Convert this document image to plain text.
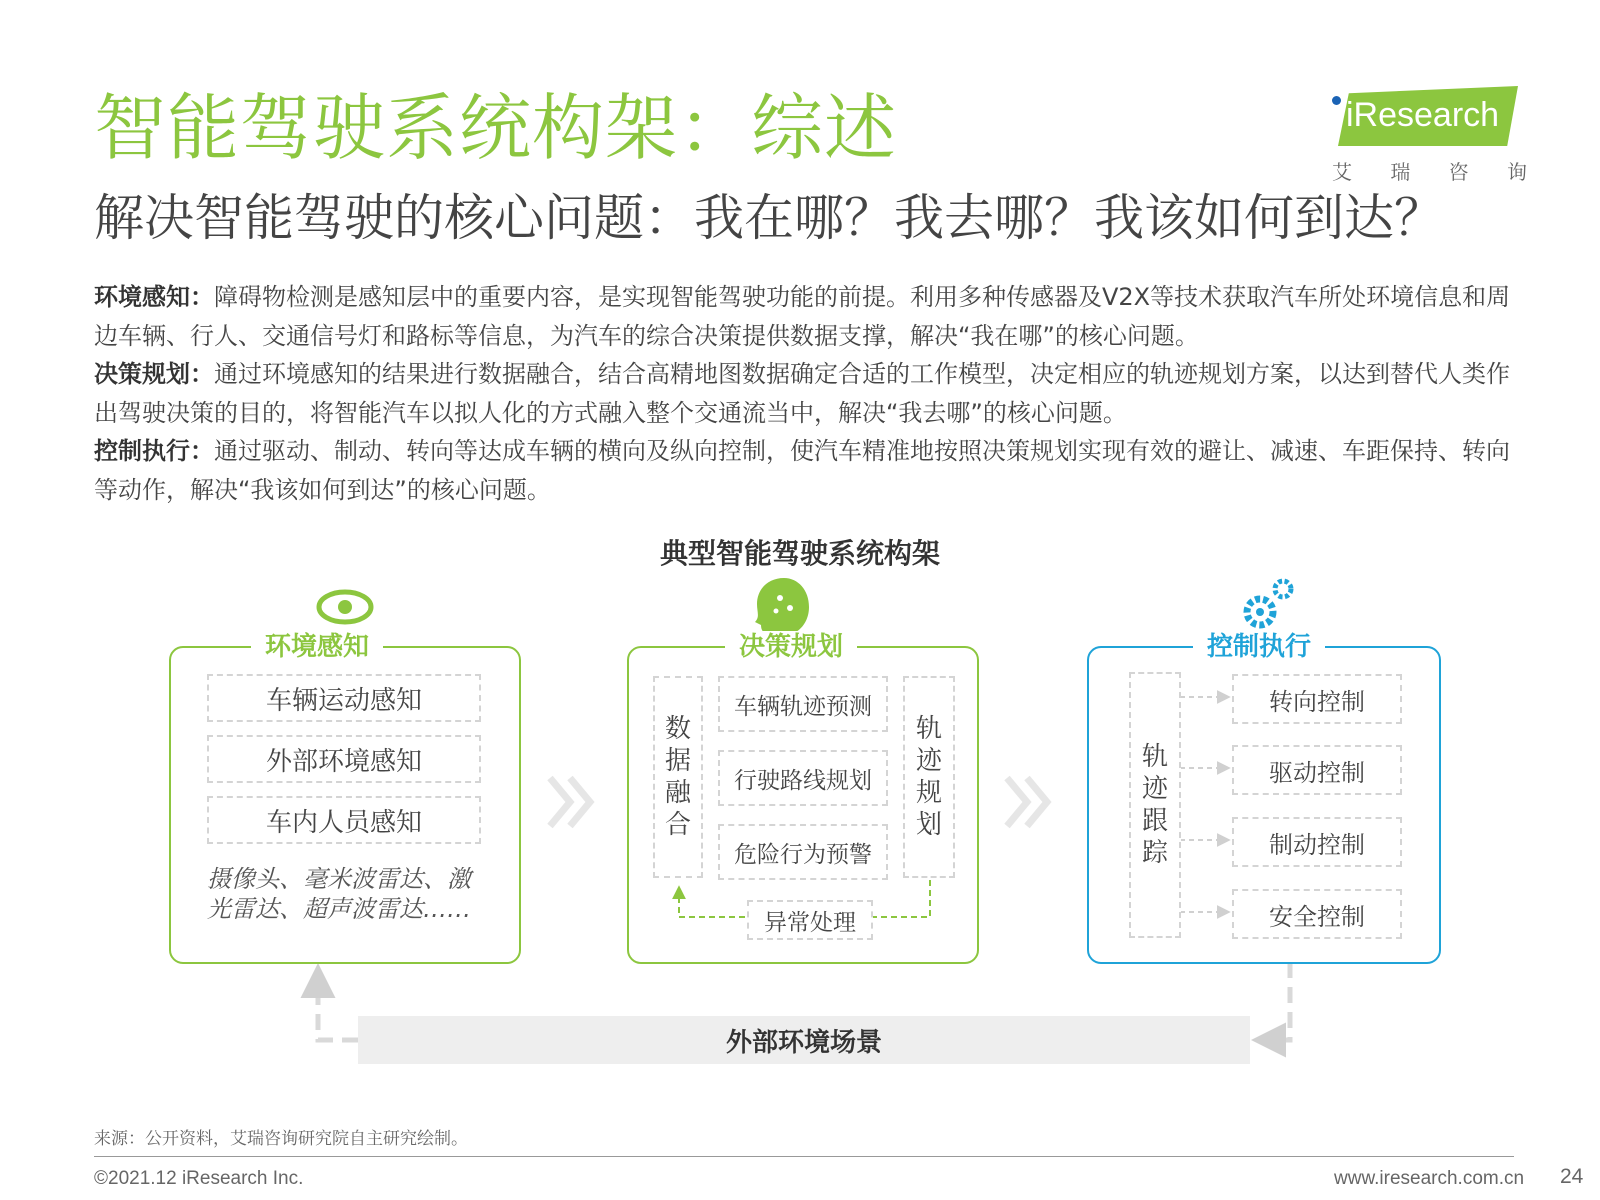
智能驾驶系统构架：综述
解决智能驾驶的核心问题：我在哪？我去哪？我该如何到达？
iResearch
艾 瑞 咨 询

环境感知：障碍物检测是感知层中的重要内容，是实现智能驾驶功能的前提。利用多种传感器及V2X等技术获取汽车所处环境信息和周边车辆、行人、交通信号灯和路标等信息，为汽车的综合决策提供数据支撑，解决“我在哪”的核心问题。

决策规划：通过环境感知的结果进行数据融合，结合高精地图数据确定合适的工作模型，决定相应的轨迹规划方案，以达到替代人类作出驾驶决策的目的，将智能汽车以拟人化的方式融入整个交通流当中，解决“我去哪”的核心问题。

控制执行：通过驱动、制动、转向等达成车辆的横向及纵向控制，使汽车精准地按照决策规划实现有效的避让、减速、车距保持、转向等动作，解决“我该如何到达”的核心问题。

典型智能驾驶系统构架
环境感知
车辆运动感知
外部环境感知
车内人员感知
摄像头、毫米波雷达、激
光雷达、超声波雷达……
决策规划
数
据
融
合
车辆轨迹预测
行驶路线规划
危险行为预警
轨
迹
规
划
异常处理
控制执行
轨
迹
跟
踪
转向控制
驱动控制
制动控制
安全控制
外部环境场景
来源：公开资料，艾瑞咨询研究院自主研究绘制。
©2021.12 iResearch Inc.	www.iresearch.com.cn 24
